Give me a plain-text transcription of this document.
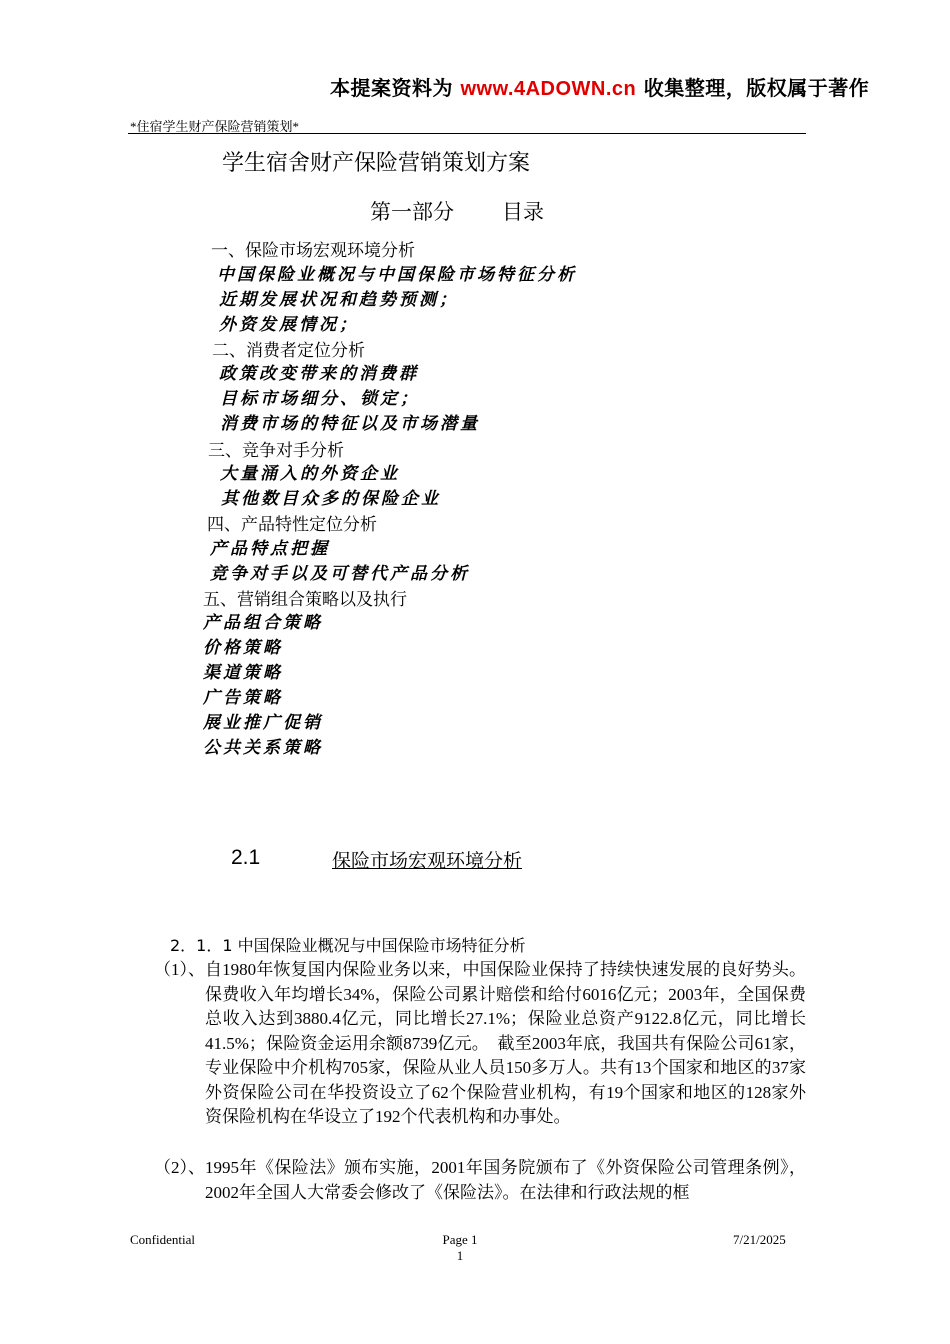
本提案资料为 www.4ADOWN.cn 收集整理，版权属于著作
*住宿学生财产保险营销策划*
学生宿舍财产保险营销策划方案
第一部分 目录
一、保险市场宏观环境分析
中国保险业概况与中国保险市场特征分析
近期发展状况和趋势预测；
外资发展情况；
二、消费者定位分析
政策改变带来的消费群
目标市场细分、锁定；
消费市场的特征以及市场潜量
三、竞争对手分析
大量涌入的外资企业
其他数目众多的保险企业
四、产品特性定位分析
产品特点把握
竞争对手以及可替代产品分析
五、营销组合策略以及执行
产品组合策略
价格策略
渠道策略
广告策略
展业推广促销
公共关系策略
2.1	保险市场宏观环境分析
2．1．1 中国保险业概况与中国保险市场特征分析
（1）、 自1980年恢复国内保险业务以来，中国保险业保持了持续快速发展的良好势头。保费收入年均增长34%，保险公司累计赔偿和给付6016亿元；2003年，全国保费总收入达到3880.4亿元，同比增长27.1%；保险业总资产9122.8亿元，同比增长41.5%；保险资金运用余额8739亿元。　截至2003年底，我国共有保险公司61家，专业保险中介机构705家，保险从业人员150多万人。共有13个国家和地区的37家外资保险公司在华投资设立了62个保险营业机构，有19个国家和地区的128家外资保险机构在华设立了192个代表机构和办事处。
（2）、 1995年《保险法》颁布实施，2001年国务院颁布了《外资保险公司管理条例》，2002年全国人大常委会修改了《保险法》。在法律和行政法规的框
Confidential	Page 1
1
7/21/2025
